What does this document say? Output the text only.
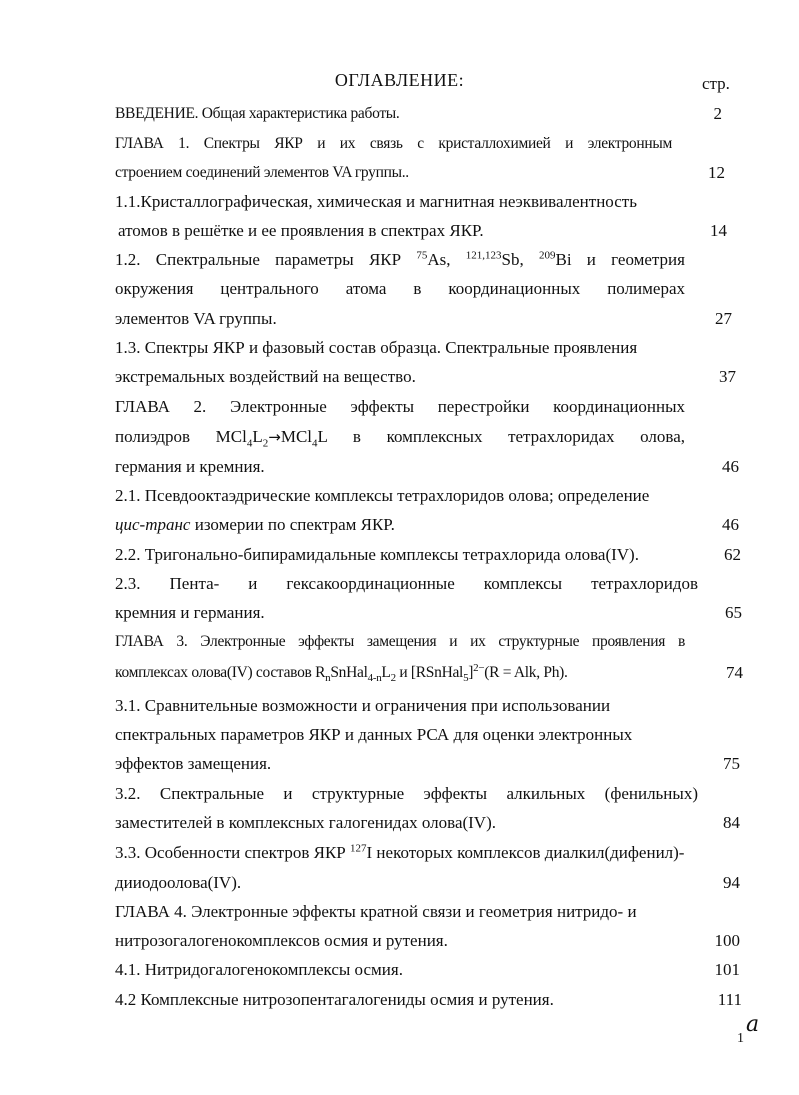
ОГЛАВЛЕНИЕ:	стр.
ВВЕДЕНИЕ. Общая характеристика работы.	2
ГЛАВА 1. Спектры ЯКР и их связь с кристаллохимией и электронным
строением соединений элементов VA группы..	12
1.1.Кристаллографическая, химическая и магнитная неэквивалентность
атомов в решётке и ее проявления в спектрах ЯКР.	14
1.2. Спектральные параметры ЯКР $^{75}$As, $^{121,123}$Sb, $^{209}$Bi и геометрия
окружения центрального атома в координационных полимерах
элементов VA группы.	27
1.3. Спектры ЯКР и фазовый состав образца. Спектральные проявления
экстремальных воздействий на вещество.	37
ГЛАВА 2. Электронные эффекты перестройки координационных
полиэдров $MCl_4L_2\to MCl_4L$ в комплексных тетрахлоридах олова,
германия и кремния.	46
2.1. Псевдооктаэдрические комплексы тетрахлоридов олова; определение
цис-транс изомерии по спектрам ЯКР.	46
2.2. Тригонально-бипирамидальные комплексы тетрахлорида олова(IV).	62
2.3. Пента- и гексакоординационные комплексы тетрахлоридов
кремния и германия.	65
ГЛАВА 3. Электронные эффекты замещения и их структурные проявления в
комплексах олова(IV) составов $R_nSnHal_{4-n}L_2$ и [RSnHal$_5$]$^{2-}$(R = Alk, Ph).	74
3.1. Сравнительные возможности и ограничения при использовании
спектральных параметров ЯКР и данных РСА для оценки электронных
эффектов замещения.	75
3.2. Спектральные и структурные эффекты алкильных (фенильных)
заместителей в комплексных галогенидах олова(IV).	84
3.3. Особенности спектров ЯКР $^{127}$I некоторых комплексов диалкил(дифенил)-
дииодоолова(IV).	94
ГЛАВА 4. Электронные эффекты кратной связи и геометрия нитридо- и
нитрозогалогенокомплексов осмия и рутения.	100
4.1. Нитридогалогенокомплексы осмия.	101
4.2 Комплексные нитрозопентагалогениды осмия и рутения.	111
1
a
